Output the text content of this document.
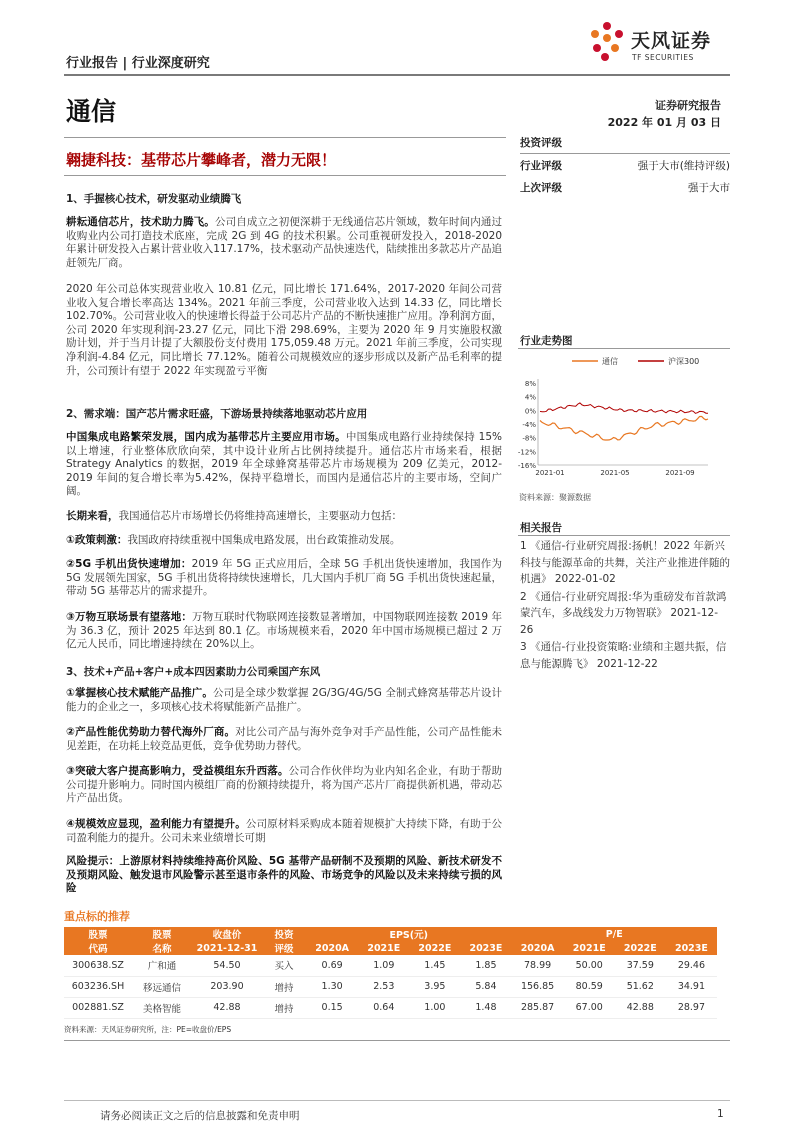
行业报告 | 行业深度研究
天风证券
TF SECURITIES
通信	证券研究报告
2022 年 01 月 03 日
翱捷科技：基带芯片攀峰者，潜力无限！
1、手握核心技术，研发驱动业绩腾飞
耕耘通信芯片，技术助力腾飞。公司自成立之初便深耕于无线通信芯片领域，数年时间内通过收购业内公司打造技术底座，完成 2G 到 4G 的技术积累。公司重视研发投入，2018-2020 年累计研发投入占累计营业收入117.17%，技术驱动产品快速迭代，陆续推出多款芯片产品追赶领先厂商。
2020 年公司总体实现营业收入 10.81 亿元，同比增长 171.64%，2017-2020 年间公司营业收入复合增长率高达 134%。2021 年前三季度，公司营业收入达到 14.33 亿，同比增长 102.70%。公司营业收入的快速增长得益于公司芯片产品的不断快速推广应用。净利润方面，公司 2020 年实现利润-23.27 亿元，同比下滑 298.69%，主要为 2020 年 9 月实施股权激励计划，并于当月计提了大额股份支付费用 175,059.48 万元。2021 年前三季度，公司实现净利润-4.84 亿元，同比增长 77.12%。随着公司规模效应的逐步形成以及新产品毛利率的提升，公司预计有望于 2022 年实现盈亏平衡
2、需求端：国产芯片需求旺盛，下游场景持续落地驱动芯片应用
中国集成电路繁荣发展，国内成为基带芯片主要应用市场。中国集成电路行业持续保持 15%以上增速，行业整体欣欣向荣，其中设计业所占比例持续提升。通信芯片市场来看，根据 Strategy Analytics 的数据，2019 年全球蜂窝基带芯片市场规模为 209 亿美元，2012-2019 年间的复合增长率为5.42%，保持平稳增长，而国内是通信芯片的主要市场，空间广阔。
长期来看，我国通信芯片市场增长仍将维持高速增长，主要驱动力包括：
①政策刺激：我国政府持续重视中国集成电路发展，出台政策推动发展。
②5G 手机出货快速增加：2019 年 5G 正式应用后，全球 5G 手机出货快速增加，我国作为 5G 发展领先国家，5G 手机出货将持续快速增长，几大国内手机厂商 5G 手机出货快速起量，带动 5G 基带芯片的需求提升。
③万物互联场景有望落地：万物互联时代物联网连接数显著增加，中国物联网连接数 2019 年为 36.3 亿，预计 2025 年达到 80.1 亿。市场规模来看，2020 年中国市场规模已超过 2 万亿元人民币，同比增速持续在 20%以上。
3、技术+产品+客户+成本四因素助力公司乘国产东风
①掌握核心技术赋能产品推广。公司是全球少数掌握 2G/3G/4G/5G 全制式蜂窝基带芯片设计能力的企业之一，多项核心技术将赋能新产品推广。
②产品性能优势助力替代海外厂商。对比公司产品与海外竞争对手产品性能，公司产品性能未见差距，在功耗上较竞品更低，竞争优势助力替代。
③突破大客户提高影响力，受益模组东升西落。公司合作伙伴均为业内知名企业，有助于帮助公司提升影响力。同时国内模组厂商的份额持续提升，将为国产芯片厂商提供新机遇，带动芯片产品出货。
④规模效应显现，盈利能力有望提升。公司原材料采购成本随着规模扩大持续下降，有助于公司盈利能力的提升。公司未来业绩增长可期
风险提示：上游原材料持续维持高价风险、5G 基带产品研制不及预期的风险、新技术研发不及预期风险、触发退市风险警示甚至退市条件的风险、市场竞争的风险以及未来持续亏损的风险
投资评级
行业评级	强于大市(维持评级)
上次评级	强于大市
行业走势图
通信	沪深300
8%
4%
0%
-4%
-8%
-12%
-16%
2021-01	2021-05	2021-09
资料来源：聚源数据
相关报告
1 《通信-行业研究周报:扬帆！2022 年新兴科技与能源革命的共舞，关注产业推进伴随的机遇》 2022-01-02
2 《通信-行业研究周报:华为重磅发布首款鸿蒙汽车，多战线发力万物智联》 2021-12-26
3 《通信-行业投资策略:业绩和主题共振，信息与能源腾飞》 2021-12-22
重点标的推荐
股票	股票	收盘价	投资	EPS(元)				P/E			
代码	名称	2021-12-31	评级	2020A	2021E	2022E	2023E	2020A	2021E	2022E	2023E
300638.SZ	广和通	54.50	买入	0.69	1.09	1.45	1.85	78.99	50.00	37.59	29.46
603236.SH	移远通信	203.90	增持	1.30	2.53	3.95	5.84	156.85	80.59	51.62	34.91
002881.SZ	美格智能	42.88	增持	0.15	0.64	1.00	1.48	285.87	67.00	42.88	28.97
资料来源：天风证券研究所，注：PE=收盘价/EPS
请务必阅读正文之后的信息披露和免责申明	1
